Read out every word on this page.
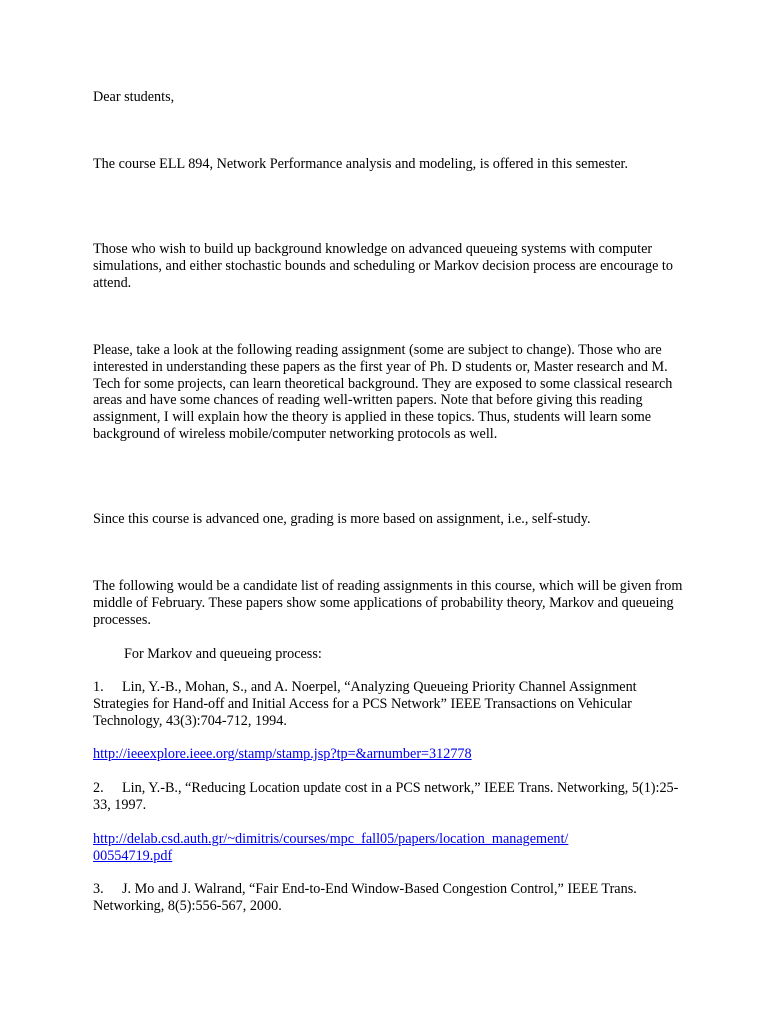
Dear students,

The course ELL 894, Network Performance analysis and modeling, is offered in this semester.

Those who wish to build up background knowledge on advanced queueing systems with computer simulations, and either stochastic bounds and scheduling or Markov decision process are encourage to attend.

Please, take a look at the following reading assignment (some are subject to change). Those who are interested in understanding these papers as the first year of Ph. D students or, Master research and M. Tech for some projects, can learn theoretical background. They are exposed to some classical research areas and have some chances of reading well-written papers. Note that before giving this reading assignment, I will explain how the theory is applied in these topics. Thus, students will learn some background of wireless mobile/computer networking protocols as well.

Since this course is advanced one, grading is more based on assignment, i.e., self-study.

The following would be a candidate list of reading assignments in this course, which will be given from middle of February. These papers show some applications of probability theory, Markov and queueing processes.

For Markov and queueing process:

1. Lin, Y.-B., Mohan, S., and A. Noerpel, “Analyzing Queueing Priority Channel Assignment Strategies for Hand-off and Initial Access for a PCS Network” IEEE Transactions on Vehicular Technology, 43(3):704-712, 1994.

http://ieeexplore.ieee.org/stamp/stamp.jsp?tp=&arnumber=312778

2. Lin, Y.-B., “Reducing Location update cost in a PCS network,” IEEE Trans. Networking, 5(1):25-33, 1997.

http://delab.csd.auth.gr/~dimitris/courses/mpc_fall05/papers/location_management/
00554719.pdf

3. J. Mo and J. Walrand, “Fair End-to-End Window-Based Congestion Control,” IEEE Trans. Networking, 8(5):556-567, 2000.
